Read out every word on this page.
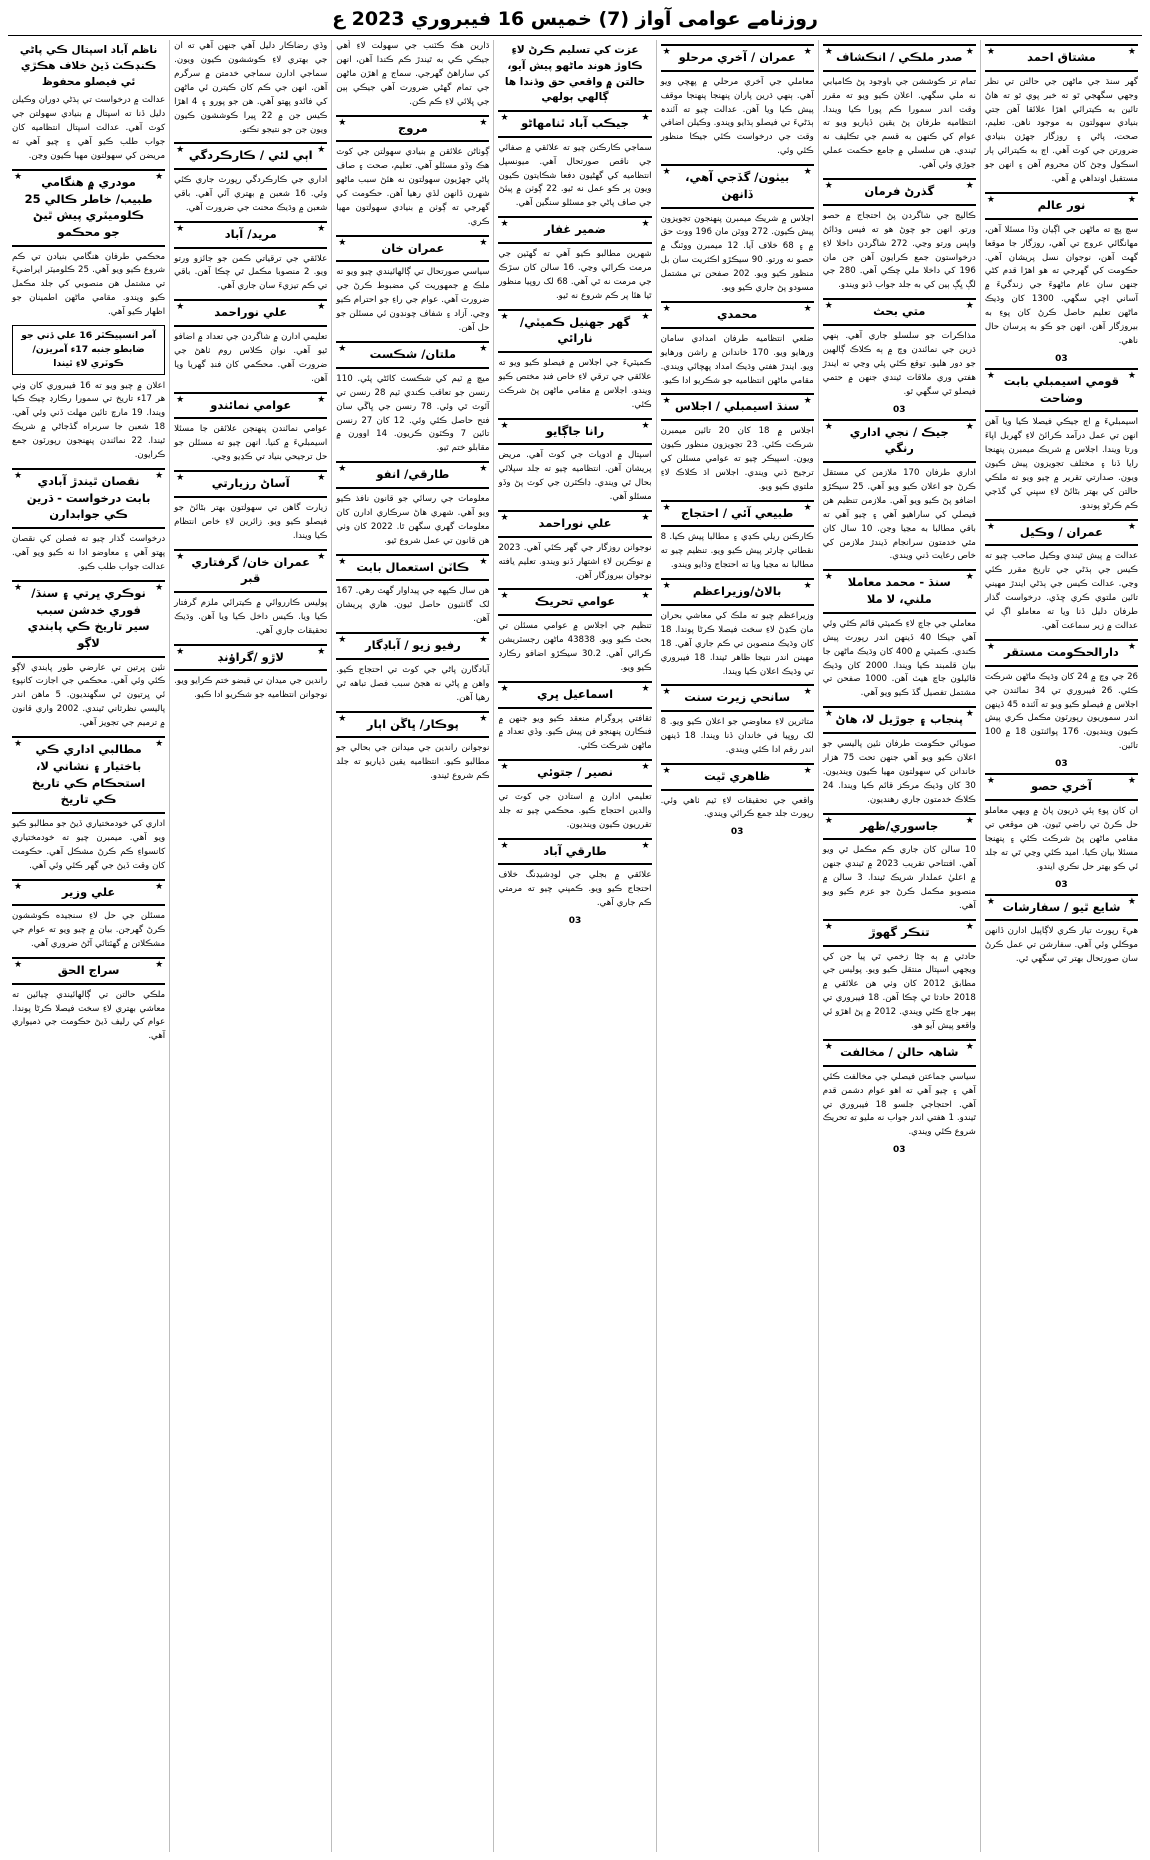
روزنامے عوامی آواز (7) خمیس 16 فیبروري 2023 ع
★
★	مشتاق احمد
گهر سنڌ جي ماڻهن جي حالتن تي نظر وجھي سگهجي ٿو ته خبر پوي ٿو ته هاڻ تائين به ڪيترائي اهڙا علائقا آهن جتي بنيادي سهولتون به موجود ناهن. تعليم، صحت، پاڻي ۽ روزگار جهڙن بنيادي ضرورتن جي کوٽ آهي. اڄ به ڪيترائي ٻار اسڪول وڃڻ کان محروم آهن ۽ انهن جو مستقبل اونداهي ۾ آهي.
★
★	نور عالم
سچ پچ ته ماڻهن جي اڳيان وڏا مسئلا آهن، مهانگائي عروج تي آهي، روزگار جا موقعا گهٽ آهن، نوجوان نسل پريشان آهي. حڪومت کي گهرجي ته هو اهڙا قدم کڻي جنهن سان عام ماڻهوءَ جي زندگيءَ ۾ آساني اچي سگهي. 1300 کان وڌيڪ ماڻهن تعليم حاصل ڪرڻ کان پوءِ به بيروزگار آهن. انهن جو ڪو به پرسان حال ناهي.
03
★
★ قومي اسيمبلي بابت وضاحت
اسيمبليءَ ۾ اڄ جيڪي فيصلا ڪيا ويا آهن انهن تي عمل درآمد ڪرائڻ لاءِ گهربل اپاءَ ورتا ويندا. اجلاس ۾ شريڪ ميمبرن پنهنجا رايا ڏنا ۽ مختلف تجويزون پيش ڪيون ويون. صدارتي تقرير ۾ چيو ويو ته ملڪي حالتن کي بهتر بڻائڻ لاءِ سڀني کي گڏجي ڪم ڪرڻو پوندو.
★
★	عمران / وڪيل
عدالت ۾ پيش ٿيندي وڪيل صاحب چيو ته ڪيس جي ٻڌڻي جي تاريخ مقرر ڪئي وڃي. عدالت ڪيس جي ٻڌڻي ايندڙ مهيني تائين ملتوي ڪري ڇڏي. درخواست گذار طرفان دليل ڏنا ويا ته معاملو اڳ ئي عدالت ۾ زير سماعت آهي.
★
★ دارالحڪومت مستقر
26 جي وچ ۾ 24 کان وڌيڪ ماڻهن شرڪت ڪئي. 26 فيبروري تي 34 نمائندن جي اجلاس ۾ فيصلو ڪيو ويو ته آئندہ 45 ڏينهن اندر سموريون رپورٽون مڪمل ڪري پيش ڪيون وينديون. 176 پوائنٽون 18 ۾ 100 تائين.
03
★
★	آخري حصو
ان کان پوءِ ٻئي ڌريون پاڻ ۾ ويهي معاملو حل ڪرڻ تي راضي ٿيون. هن موقعي تي مقامي ماڻهن پڻ شرڪت ڪئي ۽ پنهنجا مسئلا بيان ڪيا. اميد ڪئي وڃي ٿي ته جلد ئي ڪو بهتر حل نڪري ايندو.
03
★
★ شايع ٿيو / سفارشات
هيءَ رپورٽ تيار ڪري لاڳاپيل ادارن ڏانهن موڪلي وئي آهي. سفارشن تي عمل ڪرڻ سان صورتحال بهتر ٿي سگهي ٿي.
★
★ صدر ملڪي / انڪشاف
تمام تر ڪوششن جي باوجود پڻ ڪاميابي نه ملي سگهي. اعلان ڪيو ويو ته مقرر وقت اندر سمورا ڪم پورا ڪيا ويندا. انتظاميه طرفان پڻ يقين ڏياريو ويو ته عوام کي ڪنهن به قسم جي تڪليف نه ٿيندي. هن سلسلي ۾ جامع حڪمت عملي جوڙي وئي آهي.
★
★	گذرڻ فرمان
ڪاليج جي شاگردن پڻ احتجاج ۾ حصو ورتو. انهن جو چوڻ هو ته فيس وڌائڻ واپس ورتو وڃي. 272 شاگردن داخلا لاءِ درخواستون جمع ڪرايون آهن جن مان 196 کي داخلا ملي چڪي آهي. 280 جي لڳ ڀڳ ٻين کي به جلد جواب ڏنو ويندو.
★
★	متي بحث
مذاڪرات جو سلسلو جاري آهي. ٻنهي ڌرين جي نمائندن وچ ۾ ٻه ڪلاڪ ڳالهين جو دور هليو. توقع ڪئي پئي وڃي ته ايندڙ هفتي وري ملاقات ٿيندي جنهن ۾ حتمي فيصلو ٿي سگهي ٿو.
03
★
★	جيڪ / نجي اداري رنگي
اداري طرفان 170 ملازمن کي مستقل ڪرڻ جو اعلان ڪيو ويو آهي. 25 سيڪڙو اضافو پڻ ڪيو ويو آهي. ملازمن تنظيم هن فيصلي کي ساراهيو آهي ۽ چيو آهي ته باقي مطالبا به مڃيا وڃن. 10 سال کان مٿي خدمتون سرانجام ڏيندڙ ملازمن کي خاص رعايت ڏني ويندي.
★
★	سنڌ - محمد معاملا ملني، لا ملا
معاملي جي جاچ لاءِ ڪميٽي قائم ڪئي وئي آهي جيڪا 40 ڏينهن اندر رپورٽ پيش ڪندي. ڪميٽي ۾ 400 کان وڌيڪ ماڻهن جا بيان قلمبند ڪيا ويندا. 2000 کان وڌيڪ فائيلون جاچ هيٺ آهن. 1000 صفحن تي مشتمل تفصيل گڏ ڪيو ويو آهي.
★
★ پنجاب ۽ جوڙيل لا، هاڻ
صوبائي حڪومت طرفان نئين پاليسي جو اعلان ڪيو ويو آهي جنهن تحت 75 هزار خاندانن کي سهولتون مهيا ڪيون وينديون. 30 کان وڌيڪ مرڪز قائم ڪيا ويندا. 24 ڪلاڪ خدمتون جاري رهنديون.
★
★	جاسوري/ظهر
10 سالن کان جاري ڪم مڪمل ٿي ويو آهي. افتتاحي تقريب 2023 ۾ ٿيندي جنهن ۾ اعليٰ عملدار شريڪ ٿيندا. 3 سالن ۾ منصوبو مڪمل ڪرڻ جو عزم ڪيو ويو آهي.
★
★	تنڪر گهوڙ
حادثي ۾ ٻه ڄڻا زخمي ٿي پيا جن کي ويجهي اسپتال منتقل ڪيو ويو. پوليس جي مطابق 2012 کان وٺي هن علائقي ۾ 2018 حادثا ٿي چڪا آهن. 18 فيبروري تي ٻيهر جاچ ڪئي ويندي. 2012 ۾ پڻ اهڙو ئي واقعو پيش آيو هو.
★
★ شاهہ حالن / مخالفت
سياسي جماعتن فيصلي جي مخالفت ڪئي آهي ۽ چيو آهي ته اهو عوام دشمن قدم آهي. احتجاجي جلسو 18 فيبروري تي ٿيندو. 1 هفتي اندر جواب نه مليو ته تحريڪ شروع ڪئي ويندي.
03
★
★ عمران / آخري مرحلو
معاملي جي آخري مرحلي ۾ پهچي ويو آهي. ٻنهي ڌرين پاران پنهنجا پنهنجا موقف پيش ڪيا ويا آهن. عدالت چيو ته آئندہ ٻڌڻيءَ تي فيصلو ٻڌايو ويندو. وڪيلن اضافي وقت جي درخواست ڪئي جيڪا منظور ڪئي وئي.
★
★	بيٺون/ گڏجي آهي، ڏانهن
اجلاس ۾ شريڪ ميمبرن پنهنجون تجويزون پيش ڪيون. 272 ووٽن مان 196 ووٽ حق ۾ ۽ 68 خلاف آيا. 12 ميمبرن ووٽنگ ۾ حصو نه ورتو. 90 سيڪڙو اڪثريت سان بل منظور ڪيو ويو. 202 صفحن تي مشتمل مسودو پڻ جاري ڪيو ويو.
★
★	محمدي
ضلعي انتظاميه طرفان امدادي سامان ورهايو ويو. 170 خاندانن ۾ راشن ورهايو ويو. ايندڙ هفتي وڌيڪ امداد پهچائي ويندي. مقامي ماڻهن انتظاميه جو شڪريو ادا ڪيو.
★
★ سنڌ اسيمبلي / اجلاس
اجلاس ۾ 18 کان 20 تائين ميمبرن شرڪت ڪئي. 23 تجويزون منظور ڪيون ويون. اسپيڪر چيو ته عوامي مسئلن کي ترجيح ڏني ويندي. اجلاس اڌ ڪلاڪ لاءِ ملتوي ڪيو ويو.
★
★ طبيعي آئي / احتجاج
ڪارڪنن ريلي ڪڍي ۽ مطالبا پيش ڪيا. 8 نقطاتي چارٽر پيش ڪيو ويو. تنظيم چيو ته مطالبا نه مڃيا ويا ته احتجاج وڌايو ويندو.
★
★	بالاڻ/وزيراعظم
وزيراعظم چيو ته ملڪ کي معاشي بحران مان ڪڍڻ لاءِ سخت فيصلا ڪرڻا پوندا. 18 کان وڌيڪ منصوبن تي ڪم جاري آهي. 18 مهينن اندر نتيجا ظاهر ٿيندا. 18 فيبروري تي وڌيڪ اعلان ڪيا ويندا.
★
★	سانحي زيرت سنت
متاثرين لاءِ معاوضي جو اعلان ڪيو ويو. 8 لک روپيا في خاندان ڏنا ويندا. 18 ڏينهن اندر رقم ادا ڪئي ويندي.
★
★	ظاهري ٿيت
واقعي جي تحقيقات لاءِ ٽيم ٺاهي وئي. رپورٽ جلد جمع ڪرائي ويندي.
03
عزت کي تسليم ڪرڻ لاءِ ڪاوڙ هوند ماڻهو پيش آيو، حالتن ۾ واقعي حق وڌندا ها ڳالهي ٻولهي
★
★	جيڪب آباد ٽنامهاڻو
سماجي ڪارڪنن چيو ته علائقي ۾ صفائي جي ناقص صورتحال آهي. ميونسپل انتظاميه کي گهڻيون دفعا شڪايتون ڪيون ويون پر ڪو عمل نه ٿيو. 22 ڳوٺن ۾ پيئڻ جي صاف پاڻي جو مسئلو سنگين آهي.
★
★	ضمير غفار
شهرين مطالبو ڪيو آهي ته گهٽين جي مرمت ڪرائي وڃي. 16 سالن کان سڙڪ جي مرمت نه ٿي آهي. 68 لک روپيا منظور ٿيا هئا پر ڪم شروع نه ٿيو.
★
★ گهر جهنيل ڪميٽي/ نارائي
ڪميٽيءَ جي اجلاس ۾ فيصلو ڪيو ويو ته علائقي جي ترقي لاءِ خاص فنڊ مختص ڪيو ويندو. اجلاس ۾ مقامي ماڻهن پڻ شرڪت ڪئي.
★
★	رانا جاڳايو
اسپتال ۾ ادويات جي کوٽ آهي. مريض پريشان آهن. انتظاميه چيو ته جلد سپلائي بحال ٿي ويندي. ڊاڪٽرن جي کوٽ پڻ وڏو مسئلو آهي.
★
★	علي نوراحمد
نوجوانن روزگار جي گهر ڪئي آهي. 2023 ۾ نوڪرين لاءِ اشتهار ڏنو ويندو. تعليم يافته نوجوان بيروزگار آهن.
★
★	عوامي تحريڪ
تنظيم جي اجلاس ۾ عوامي مسئلن تي بحث ڪيو ويو. 43838 ماڻهن رجسٽريشن ڪرائي آهي. 30.2 سيڪڙو اضافو رڪارڊ ڪيو ويو.
★
★	اسماعيل ڀري
ثقافتي پروگرام منعقد ڪيو ويو جنهن ۾ فنڪارن پنهنجو فن پيش ڪيو. وڏي تعداد ۾ ماڻهن شرڪت ڪئي.
★
★	نصير / جتوئي
تعليمي ادارن ۾ استادن جي کوٽ تي والدين احتجاج ڪيو. محڪمي چيو ته جلد تقرريون ڪيون وينديون.
★
★	طارقي آباد
علائقي ۾ بجلي جي لوڊشيڊنگ خلاف احتجاج ڪيو ويو. ڪمپني چيو ته مرمتي ڪم جاري آهي.
03
ڌارين هڪ ڪٽنب جي سهولت لاءِ اُهي جيڪي ڪي به ٿيندڙ ڪم ڪندا آهن، انهن کي ساراهڻ گهرجي. سماج ۾ اهڙن ماڻهن جي تمام گهڻي ضرورت آهي جيڪي ٻين جي ڀلائي لاءِ ڪم ڪن.
★
★	مروج
ڳوٺاڻن علائقن ۾ بنيادي سهولتن جي کوٽ هڪ وڏو مسئلو آهي. تعليم، صحت ۽ صاف پاڻي جهڙيون سهولتون نه هئڻ سبب ماڻهو شهرن ڏانهن لڏي رهيا آهن. حڪومت کي گهرجي ته ڳوٺن ۾ بنيادي سهولتون مهيا ڪري.
★
★	عمران خان
سياسي صورتحال تي ڳالهائيندي چيو ويو ته ملڪ ۾ جمهوريت کي مضبوط ڪرڻ جي ضرورت آهي. عوام جي راءِ جو احترام ڪيو وڃي. آزاد ۽ شفاف چونڊون ئي مسئلن جو حل آهن.
★
★	ملتان/ شڪست
ميچ ۾ ٽيم کي شڪست کائڻي پئي. 110 رنسن جو تعاقب ڪندي ٽيم 28 رنسن تي آئوٽ ٿي وئي. 78 رنسن جي ڀاڱي سان فتح حاصل ڪئي وئي. 12 کان 27 رنسن تائين 7 وڪٽون ڪريون. 14 اوورن ۾ مقابلو ختم ٿيو.
★
★	طارقي/ انفو
معلومات جي رسائي جو قانون نافذ ڪيو ويو آهي. شهري هاڻ سرڪاري ادارن کان معلومات گهري سگهن ٿا. 2022 کان وٺي هن قانون تي عمل شروع ٿيو.
★
★ ڪاٽن استعمال بابت
هن سال ڪپهه جي پيداوار گهٽ رهي. 167 لک گانٺيون حاصل ٿيون. هاري پريشان آهن.
★
★	رفيو زيو / آباڊگار
آبادگارن پاڻي جي کوٽ تي احتجاج ڪيو. واهن ۾ پاڻي نه هجڻ سبب فصل تباهه ٿي رهيا آهن.
★
★	پوڪار/ ڀاڱن اٻار
نوجوانن راندين جي ميدانن جي بحالي جو مطالبو ڪيو. انتظاميه يقين ڏياريو ته جلد ڪم شروع ٿيندو.
وڏي رضاڪار دليل آهي جنهن آهي ته ان جي بهتري لاءِ ڪوششون ڪيون ويون. سماجي ادارن سماجي خدمتن ۾ سرگرم آهن. انهن جي ڪم کان ڪيترن ئي ماڻهن کي فائدو پهتو آهي. هن جو پورو ۽ 4 اهڙا ڪيس جن ۾ 22 ڀيرا ڪوششون ڪيون ويون جن جو نتيجو نڪتو.
★
★ اٻي لئي / ڪارڪردگي
اداري جي ڪارڪردگي رپورٽ جاري ڪئي وئي. 16 شعبن ۾ بهتري آئي آهي. باقي شعبن ۾ وڌيڪ محنت جي ضرورت آهي.
★
★	مريد/ آباد
علائقي جي ترقياتي ڪمن جو جائزو ورتو ويو. 2 منصوبا مڪمل ٿي چڪا آهن. باقي تي ڪم تيزيءَ سان جاري آهي.
★
★	علي نوراحمد
تعليمي ادارن ۾ شاگردن جي تعداد ۾ اضافو ٿيو آهي. نوان ڪلاس روم ٺاهڻ جي ضرورت آهي. محڪمي کان فنڊ گهريا ويا آهن.
★
★	عوامي نمائندو
عوامي نمائندن پنهنجن علائقن جا مسئلا اسيمبليءَ ۾ کنيا. انهن چيو ته مسئلن جو حل ترجيحي بنياد تي ڪڍيو وڃي.
★
★	آساڻ رزيارتي
زيارت گاهن تي سهولتون بهتر بڻائڻ جو فيصلو ڪيو ويو. زائرين لاءِ خاص انتظام ڪيا ويندا.
★
★ عمران خان/ گرفتاري قبر
پوليس ڪارروائي ۾ ڪيترائي ملزم گرفتار ڪيا ويا. ڪيس داخل ڪيا ويا آهن. وڌيڪ تحقيقات جاري آهي.
★
★	لاڙو /گراؤنڊ
راندين جي ميدان تي قبضو ختم ڪرايو ويو. نوجوانن انتظاميه جو شڪريو ادا ڪيو.
ناظم آباد اسپتال ڪي پاڻي ڪنڊڪٽ ڏيڻ خلاف هڪڙي ئي فيصلو محفوظ
عدالت ۾ درخواست تي ٻڌڻي دوران وڪيلن دليل ڏنا ته اسپتال ۾ بنيادي سهولتن جي کوٽ آهي. عدالت اسپتال انتظاميه کان جواب طلب ڪيو آهي ۽ چيو آهي ته مريضن کي سهولتون مهيا ڪيون وڃن.
★
★	مودري ۾ هنگامي طبيب/ خاطر ڪالي 25 ڪلوميٽري پيش ٿيڻ جو محڪمو
محڪمي طرفان هنگامي بنيادن تي ڪم شروع ڪيو ويو آهي. 25 ڪلوميٽر ايراضيءَ تي مشتمل هن منصوبي کي جلد مڪمل ڪيو ويندو. مقامي ماڻهن اطمينان جو اظهار ڪيو آهي.
آمر انسپيڪٽر 16 علي ڏني جو ضابطو جنبه 17ء آمريزن/ڪوٽري لاءِ ٿيندا
اعلان ۾ چيو ويو ته 16 فيبروري کان وٺي هر 17ء تاريخ تي سمورا رڪارڊ چيڪ ڪيا ويندا. 19 مارچ تائين مهلت ڏني وئي آهي. 18 شعبن جا سربراه گڏجاڻي ۾ شريڪ ٿيندا. 22 نمائندن پنهنجون رپورٽون جمع ڪرايون.
★
★	نقصان ٿيندڙ آبادي بابت درخواست - ڌرين ڪي جوابدارن
درخواست گذار چيو ته فصلن کي نقصان پهتو آهي ۽ معاوضو ادا نه ڪيو ويو آهي. عدالت جواب طلب ڪيو.
★
★ نوڪري ڀرتي ۽ سنڌ/فوري خدشن سبب سير تاريخ ڪي پابندي لاڳو
نئين ڀرتين تي عارضي طور پابندي لاڳو ڪئي وئي آهي. محڪمي جي اجازت کانپوءِ ئي ڀرتيون ٿي سگهنديون. 5 ماهن اندر پاليسي نظرثاني ٿيندي. 2002 واري قانون ۾ ترميم جي تجويز آهي.
★
★	مطالبي اداري ڪي باختيار ۽ نشاني لا، استحڪام ڪي تاريخ ڪي تاريخ
اداري کي خودمختياري ڏيڻ جو مطالبو ڪيو ويو آهي. ميمبرن چيو ته خودمختياري کانسواءِ ڪم ڪرڻ مشڪل آهي. حڪومت کان وقت ڏيڻ جي گهر ڪئي وئي آهي.
★
★	علي وزير
مسئلن جي حل لاءِ سنجيده ڪوششون ڪرڻ گهرجن. بيان ۾ چيو ويو ته عوام جي مشڪلاتن ۾ گهٽتائي آڻڻ ضروري آهي.
★
★	سراج الحق
ملڪي حالتن تي ڳالهائيندي چيائين ته معاشي بهتري لاءِ سخت فيصلا ڪرڻا پوندا. عوام کي رليف ڏيڻ حڪومت جي ذميواري آهي.
